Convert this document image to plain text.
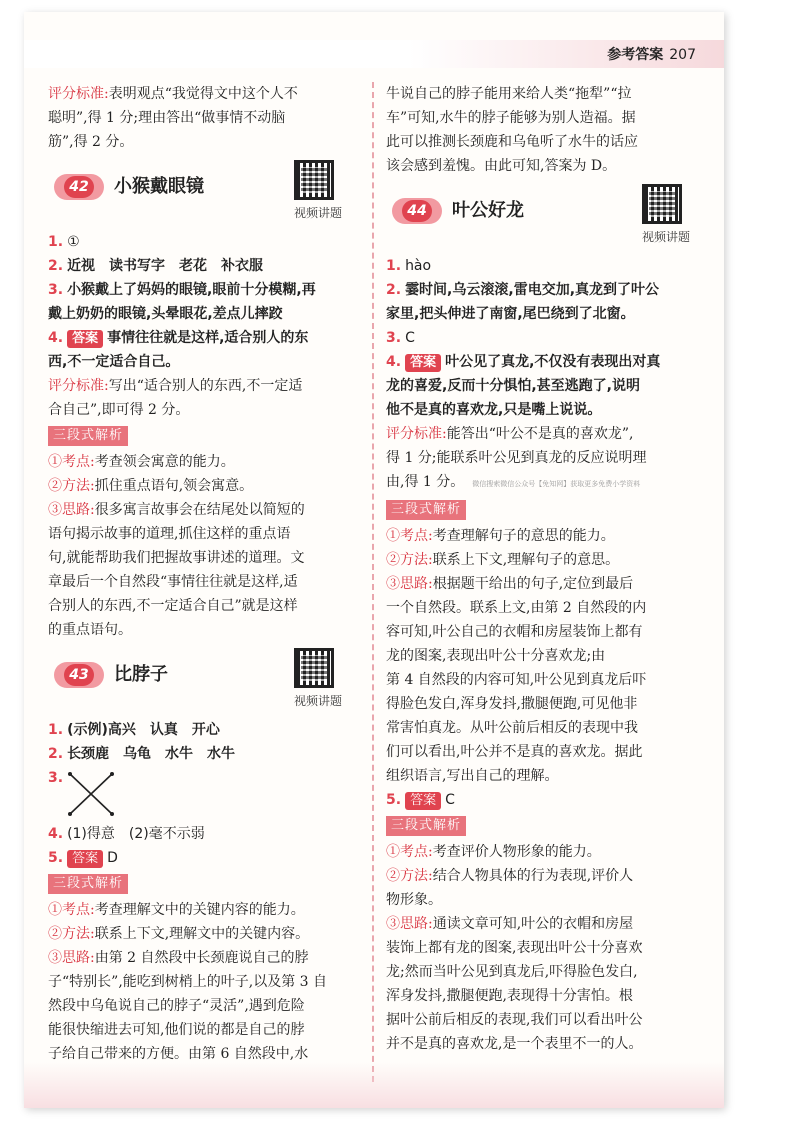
参考答案 207

评分标准:表明观点“我觉得文中这个人不

聪明”,得 1 分;理由答出“做事情不动脑

筋”,得 2 分。

42 小猴戴眼镜
视频讲题

1. ①

2. 近视　读书写字　老花　补衣服

3. 小猴戴上了妈妈的眼镜,眼前十分模糊,再

戴上奶奶的眼镜,头晕眼花,差点儿摔跤

4. 答案 事情往往就是这样,适合别人的东

西,不一定适合自己。

评分标准:写出“适合别人的东西,不一定适

合自己”,即可得 2 分。

三段式解析

①考点:考查领会寓意的能力。

②方法:抓住重点语句,领会寓意。

③思路:很多寓言故事会在结尾处以简短的

语句揭示故事的道理,抓住这样的重点语

句,就能帮助我们把握故事讲述的道理。文

章最后一个自然段“事情往往就是这样,适

合别人的东西,不一定适合自己”就是这样

的重点语句。

43 比脖子
视频讲题

1. (示例)高兴　认真　开心

2. 长颈鹿　乌龟　水牛　水牛

3.

4. (1)得意　(2)毫不示弱

5. 答案 D

三段式解析

①考点:考查理解文中的关键内容的能力。

②方法:联系上下文,理解文中的关键内容。

③思路:由第 2 自然段中长颈鹿说自己的脖

子“特别长”,能吃到树梢上的叶子,以及第 3 自

然段中乌龟说自己的脖子“灵活”,遇到危险

能很快缩进去可知,他们说的都是自己的脖

子给自己带来的方便。由第 6 自然段中,水

牛说自己的脖子能用来给人类“拖犁”“拉

车”可知,水牛的脖子能够为别人造福。据

此可以推测长颈鹿和乌龟听了水牛的话应

该会感到羞愧。由此可知,答案为 D。

44 叶公好龙
视频讲题

1. hào

2. 霎时间,乌云滚滚,雷电交加,真龙到了叶公

家里,把头伸进了南窗,尾巴绕到了北窗。

3. C

4. 答案 叶公见了真龙,不仅没有表现出对真

龙的喜爱,反而十分惧怕,甚至逃跑了,说明

他不是真的喜欢龙,只是嘴上说说。

评分标准:能答出“叶公不是真的喜欢龙”,

得 1 分;能联系叶公见到真龙的反应说明理

由,得 1 分。 微信搜索微信公众号【免知网】获取更多免费小学资料

三段式解析

①考点:考查理解句子的意思的能力。

②方法:联系上下文,理解句子的意思。

③思路:根据题干给出的句子,定位到最后

一个自然段。联系上文,由第 2 自然段的内

容可知,叶公自己的衣帽和房屋装饰上都有

龙的图案,表现出叶公十分喜欢龙;由

第 4 自然段的内容可知,叶公见到真龙后吓

得脸色发白,浑身发抖,撒腿便跑,可见他非

常害怕真龙。从叶公前后相反的表现中我

们可以看出,叶公并不是真的喜欢龙。据此

组织语言,写出自己的理解。

5. 答案 C

三段式解析

①考点:考查评价人物形象的能力。

②方法:结合人物具体的行为表现,评价人

物形象。

③思路:通读文章可知,叶公的衣帽和房屋

装饰上都有龙的图案,表现出叶公十分喜欢

龙;然而当叶公见到真龙后,吓得脸色发白,

浑身发抖,撒腿便跑,表现得十分害怕。根

据叶公前后相反的表现,我们可以看出叶公

并不是真的喜欢龙,是一个表里不一的人。
